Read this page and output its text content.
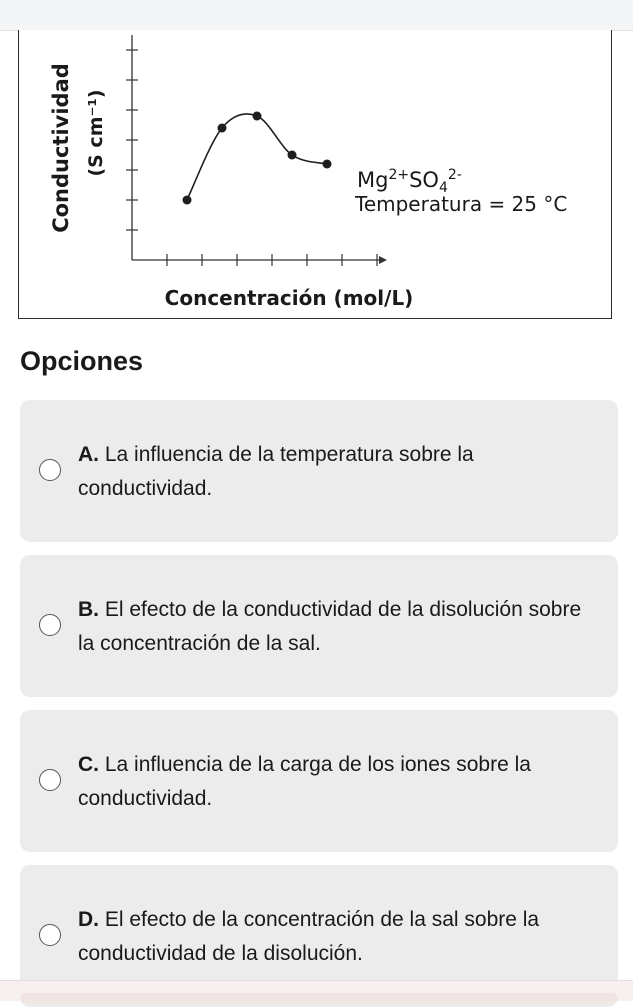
Conductividad (S cm⁻¹)
$Mg^{2+}SO_4^{2-}$
Temperatura = 25 °C
Concentración (mol/L)
Opciones
A. La influencia de la temperatura sobre la conductividad.
B. El efecto de la conductividad de la disolución sobre la concentración de la sal.
C. La influencia de la carga de los iones sobre la conductividad.
D. El efecto de la concentración de la sal sobre la conductividad de la disolución.
